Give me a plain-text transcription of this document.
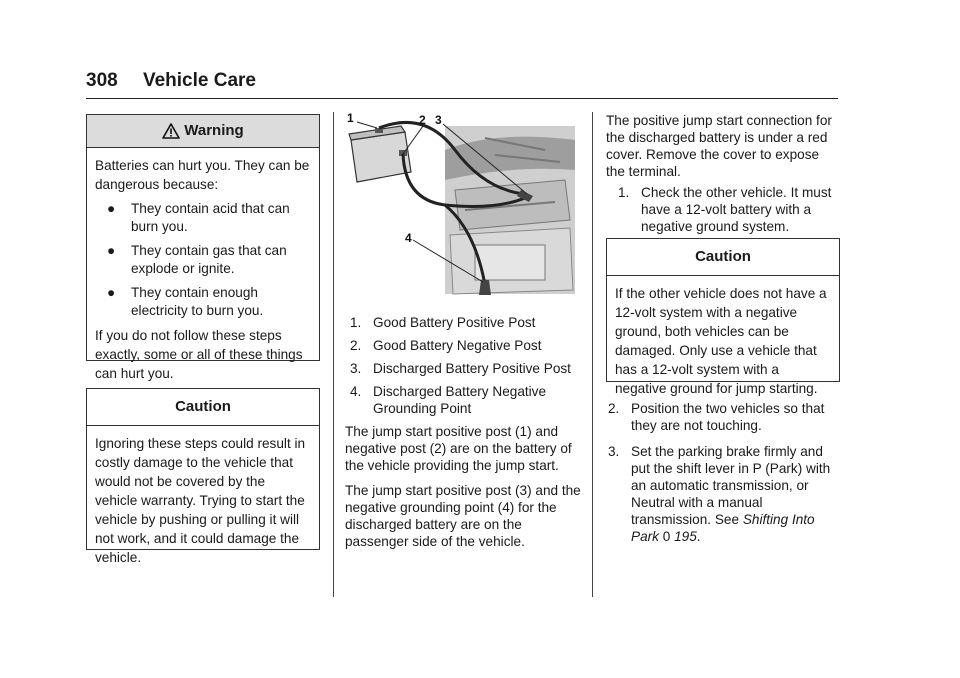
308 Vehicle Care
Warning
Batteries can hurt you. They can be dangerous because:
●	They contain acid that can burn you.
●	They contain gas that can explode or ignite.
●	They contain enough electricity to burn you.
If you do not follow these steps exactly, some or all of these things can hurt you.
Caution
Ignoring these steps could result in costly damage to the vehicle that would not be covered by the vehicle warranty. Trying to start the vehicle by pushing or pulling it will not work, and it could damage the vehicle.
1	2 3
4
1. Good Battery Positive Post
2. Good Battery Negative Post
3. Discharged Battery Positive Post
4. Discharged Battery Negative Grounding Point

The jump start positive post (1) and negative post (2) are on the battery of the vehicle providing the jump start.

The jump start positive post (3) and the negative grounding point (4) for the discharged battery are on the passenger side of the vehicle.

The positive jump start connection for the discharged battery is under a red cover. Remove the cover to expose the terminal.

1. Check the other vehicle. It must have a 12-volt battery with a negative ground system.
Caution
If the other vehicle does not have a 12-volt system with a negative ground, both vehicles can be damaged. Only use a vehicle that has a 12-volt system with a negative ground for jump starting.
2. Position the two vehicles so that they are not touching.
3. Set the parking brake firmly and put the shift lever in P (Park) with an automatic transmission, or Neutral with a manual transmission. See Shifting Into Park 0 195.
